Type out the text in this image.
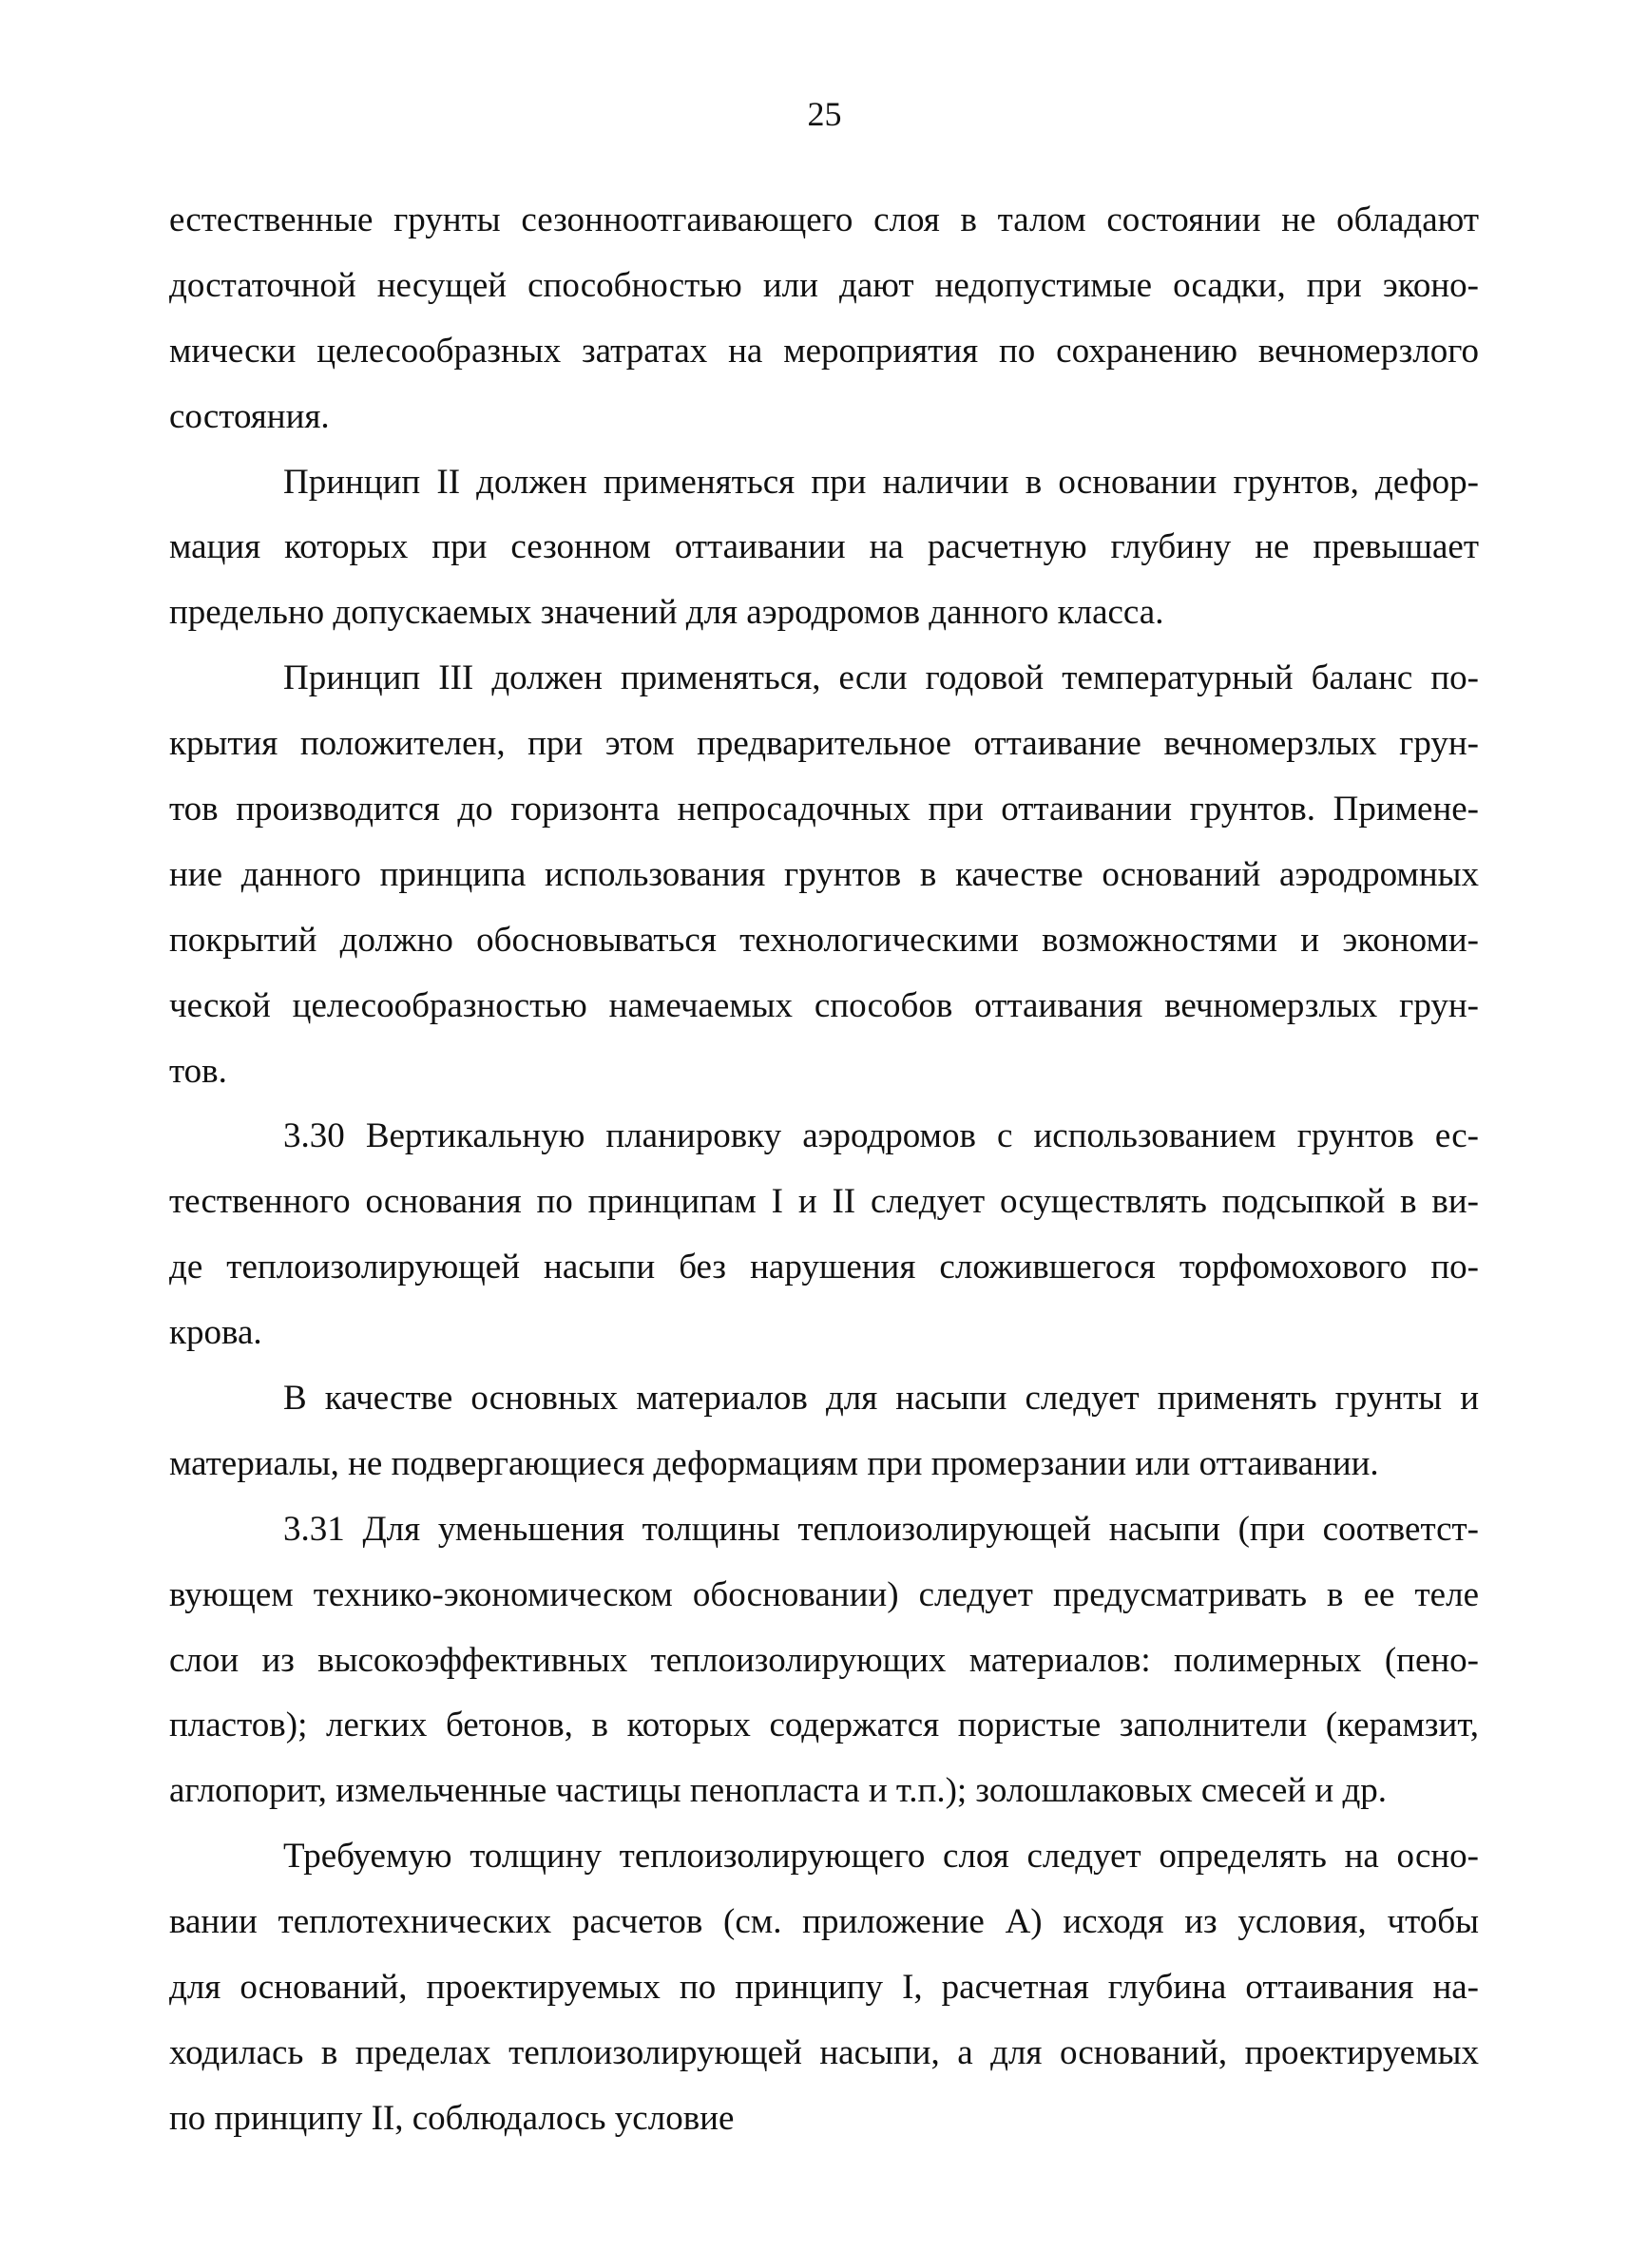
25
естественные грунты сезонноотгаивающего слоя в талом состоянии не обладают
достаточной несущей способностью или дают недопустимые осадки, при эконо-
мически целесообразных затратах на мероприятия по сохранению вечномерзлого
состояния.
Принцип II должен применяться при наличии в основании грунтов, дефор-
мация которых при сезонном оттаивании на расчетную глубину не превышает
предельно допускаемых значений для аэродромов данного класса.
Принцип III должен применяться, если годовой температурный баланс по-
крытия положителен, при этом предварительное оттаивание вечномерзлых грун-
тов производится до горизонта непросадочных при оттаивании грунтов. Примене-
ние данного принципа использования грунтов в качестве оснований аэродромных
покрытий должно обосновываться технологическими возможностями и экономи-
ческой целесообразностью намечаемых способов оттаивания вечномерзлых грун-
тов.
3.30 Вертикальную планировку аэродромов с использованием грунтов ес-
тественного основания по принципам I и II следует осуществлять подсыпкой в ви-
де теплоизолирующей насыпи без нарушения сложившегося торфомохового по-
крова.
В качестве основных материалов для насыпи следует применять грунты и
материалы, не подвергающиеся деформациям при промерзании или оттаивании.
3.31 Для уменьшения толщины теплоизолирующей насыпи (при соответст-
вующем технико-экономическом обосновании) следует предусматривать в ее теле
слои из высокоэффективных теплоизолирующих материалов: полимерных (пено-
пластов); легких бетонов, в которых содержатся пористые заполнители (керамзит,
аглопорит, измельченные частицы пенопласта и т.п.); золошлаковых смесей и др.
Требуемую толщину теплоизолирующего слоя следует определять на осно-
вании теплотехнических расчетов (см. приложение А) исходя из условия, чтобы
для оснований, проектируемых по принципу I, расчетная глубина оттаивания на-
ходилась в пределах теплоизолирующей насыпи, а для оснований, проектируемых
по принципу II, соблюдалось условие
